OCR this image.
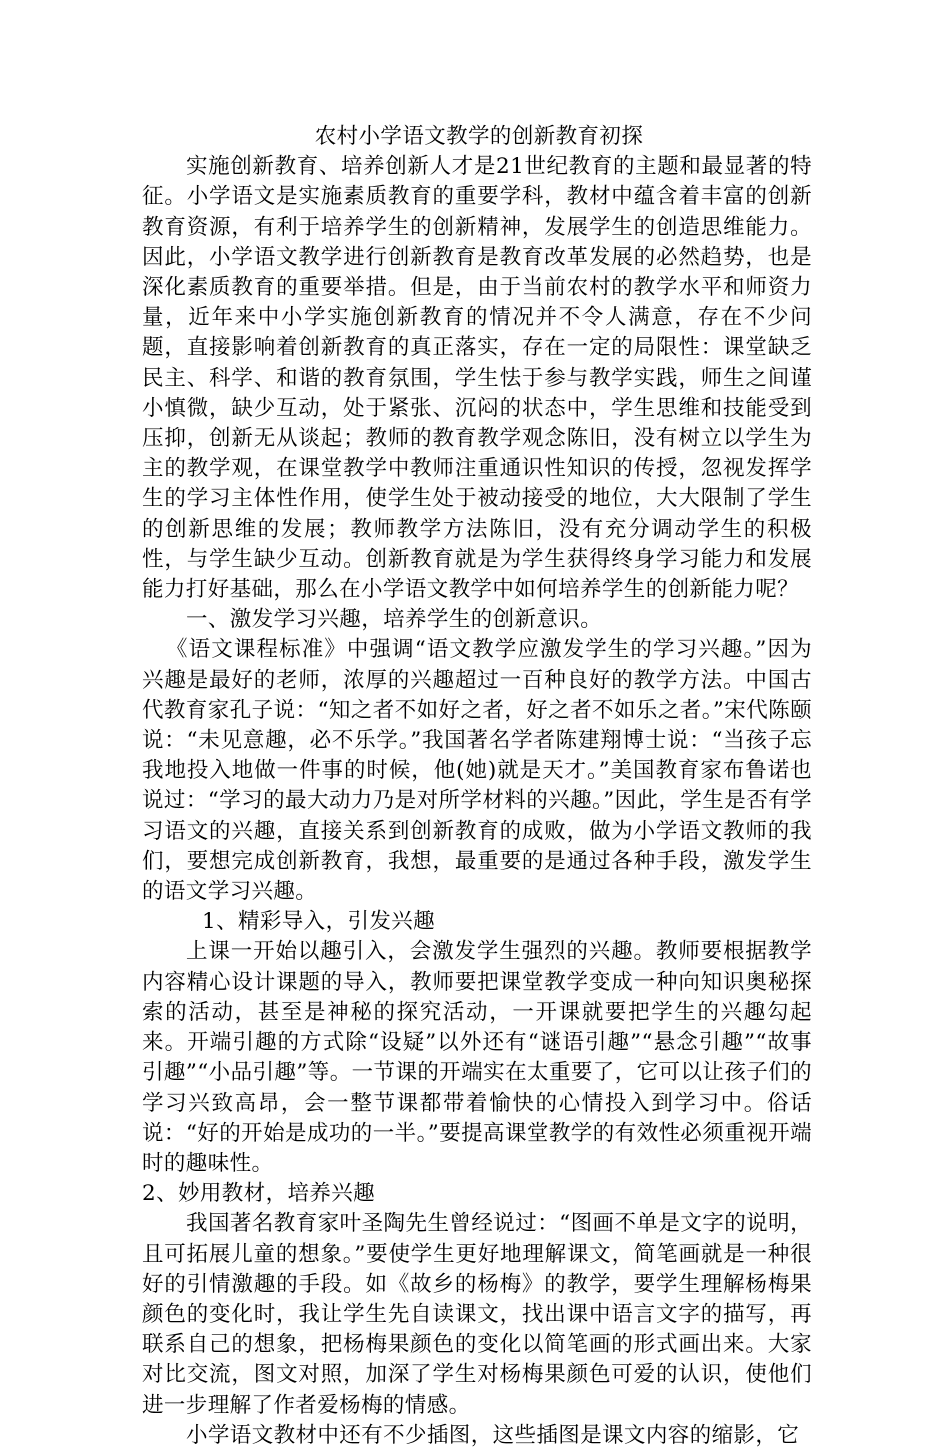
农村小学语文教学的创新教育初探

实施创新教育、培养创新人才是21世纪教育的主题和最显著的特征。小学语文是实施素质教育的重要学科，教材中蕴含着丰富的创新教育资源，有利于培养学生的创新精神，发展学生的创造思维能力。因此，小学语文教学进行创新教育是教育改革发展的必然趋势，也是深化素质教育的重要举措。但是，由于当前农村的教学水平和师资力量，近年来中小学实施创新教育的情况并不令人满意，存在不少问题，直接影响着创新教育的真正落实，存在一定的局限性：课堂缺乏民主、科学、和谐的教育氛围，学生怯于参与教学实践，师生之间谨小慎微，缺少互动，处于紧张、沉闷的状态中，学生思维和技能受到压抑，创新无从谈起；教师的教育教学观念陈旧，没有树立以学生为主的教学观，在课堂教学中教师注重通识性知识的传授，忽视发挥学生的学习主体性作用，使学生处于被动接受的地位，大大限制了学生的创新思维的发展；教师教学方法陈旧，没有充分调动学生的积极性，与学生缺少互动。创新教育就是为学生获得终身学习能力和发展能力打好基础，那么在小学语文教学中如何培养学生的创新能力呢？

一、激发学习兴趣，培养学生的创新意识。

《语文课程标准》中强调“语文教学应激发学生的学习兴趣。”因为兴趣是最好的老师，浓厚的兴趣超过一百种良好的教学方法。中国古代教育家孔子说：“知之者不如好之者，好之者不如乐之者。”宋代陈颐说：“未见意趣，必不乐学。”我国著名学者陈建翔博士说：“当孩子忘我地投入地做一件事的时候，他(她)就是天才。”美国教育家布鲁诺也说过：“学习的最大动力乃是对所学材料的兴趣。”因此，学生是否有学习语文的兴趣，直接关系到创新教育的成败，做为小学语文教师的我们，要想完成创新教育，我想，最重要的是通过各种手段，激发学生的语文学习兴趣。

1、精彩导入，引发兴趣

上课一开始以趣引入，会激发学生强烈的兴趣。教师要根据教学内容精心设计课题的导入，教师要把课堂教学变成一种向知识奥秘探索的活动，甚至是神秘的探究活动，一开课就要把学生的兴趣勾起来。开端引趣的方式除“设疑”以外还有“谜语引趣”“悬念引趣”“故事引趣”“小品引趣”等。一节课的开端实在太重要了，它可以让孩子们的学习兴致高昂，会一整节课都带着愉快的心情投入到学习中。俗话说：“好的开始是成功的一半。”要提高课堂教学的有效性必须重视开端时的趣味性。

2、妙用教材，培养兴趣

我国著名教育家叶圣陶先生曾经说过：“图画不单是文字的说明，且可拓展儿童的想象。”要使学生更好地理解课文，简笔画就是一种很好的引情激趣的手段。如《故乡的杨梅》的教学，要学生理解杨梅果颜色的变化时，我让学生先自读课文，找出课中语言文字的描写，再联系自己的想象，把杨梅果颜色的变化以简笔画的形式画出来。大家对比交流，图文对照，加深了学生对杨梅果颜色可爱的认识，使他们进一步理解了作者爱杨梅的情感。

小学语文教材中还有不少插图，这些插图是课文内容的缩影，它
